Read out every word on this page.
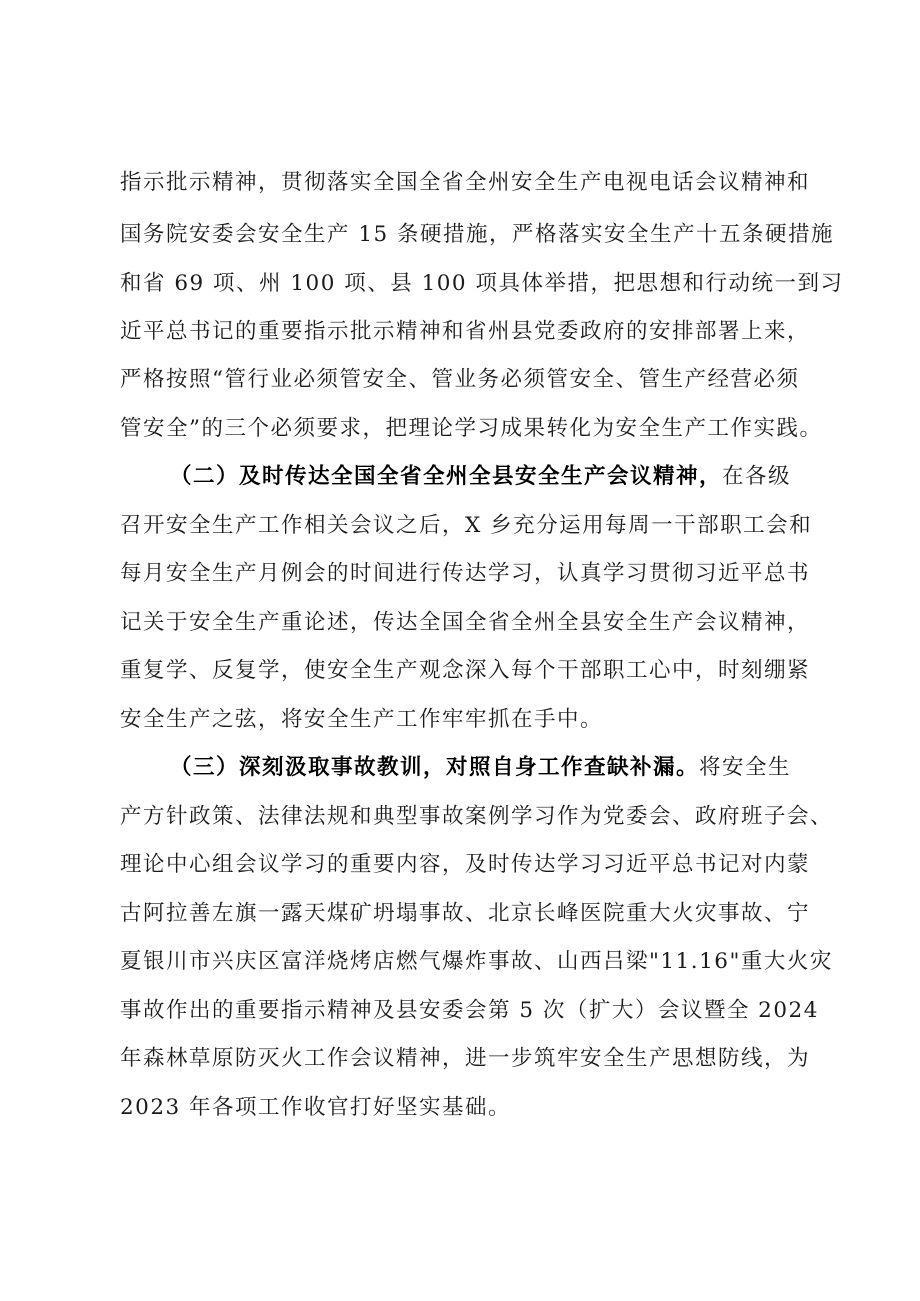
指示批示精神，贯彻落实全国全省全州安全生产电视电话会议精神和
国务院安委会安全生产 15 条硬措施，严格落实安全生产十五条硬措施
和省 69 项、州 100 项、县 100 项具体举措，把思想和行动统一到习
近平总书记的重要指示批示精神和省州县党委政府的安排部署上来，
严格按照“管行业必须管安全、管业务必须管安全、管生产经营必须
管安全”的三个必须要求，把理论学习成果转化为安全生产工作实践。
（二）及时传达全国全省全州全县安全生产会议精神，在各级
召开安全生产工作相关会议之后，X 乡充分运用每周一干部职工会和
每月安全生产月例会的时间进行传达学习，认真学习贯彻习近平总书
记关于安全生产重论述，传达全国全省全州全县安全生产会议精神，
重复学、反复学，使安全生产观念深入每个干部职工心中，时刻绷紧
安全生产之弦，将安全生产工作牢牢抓在手中。
（三）深刻汲取事故教训，对照自身工作查缺补漏。将安全生
产方针政策、法律法规和典型事故案例学习作为党委会、政府班子会、
理论中心组会议学习的重要内容，及时传达学习习近平总书记对内蒙
古阿拉善左旗一露天煤矿坍塌事故、北京长峰医院重大火灾事故、宁
夏银川市兴庆区富洋烧烤店燃气爆炸事故、山西吕梁"11.16"重大火灾
事故作出的重要指示精神及县安委会第 5 次（扩大）会议暨全 2024
年森林草原防灭火工作会议精神，进一步筑牢安全生产思想防线，为
2023 年各项工作收官打好坚实基础。
